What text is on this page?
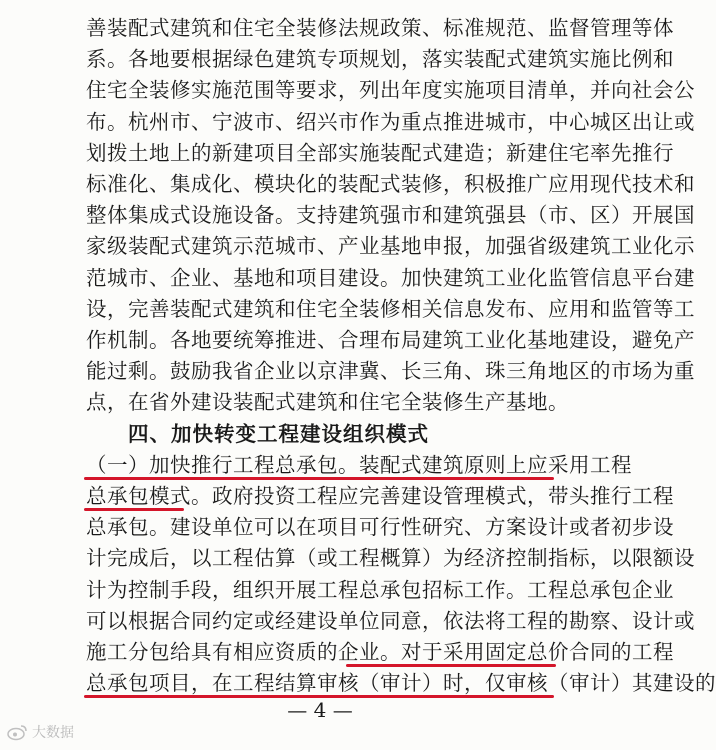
善装配式建筑和住宅全装修法规政策、标准规范、监督管理等体
系。各地要根据绿色建筑专项规划，落实装配式建筑实施比例和
住宅全装修实施范围等要求，列出年度实施项目清单，并向社会公
布。杭州市、宁波市、绍兴市作为重点推进城市，中心城区出让或
划拨土地上的新建项目全部实施装配式建造；新建住宅率先推行
标准化、集成化、模块化的装配式装修，积极推广应用现代技术和
整体集成式设施设备。支持建筑强市和建筑强县（市、区）开展国
家级装配式建筑示范城市、产业基地申报，加强省级建筑工业化示
范城市、企业、基地和项目建设。加快建筑工业化监管信息平台建
设，完善装配式建筑和住宅全装修相关信息发布、应用和监管等工
作机制。各地要统筹推进、合理布局建筑工业化基地建设，避免产
能过剩。鼓励我省企业以京津冀、长三角、珠三角地区的市场为重
点，在省外建设装配式建筑和住宅全装修生产基地。
四、加快转变工程建设组织模式
（一）加快推行工程总承包。装配式建筑原则上应采用工程
总承包模式。政府投资工程应完善建设管理模式，带头推行工程
总承包。建设单位可以在项目可行性研究、方案设计或者初步设
计完成后，以工程估算（或工程概算）为经济控制指标，以限额设
计为控制手段，组织开展工程总承包招标工作。工程总承包企业
可以根据合同约定或经建设单位同意，依法将工程的勘察、设计或
施工分包给具有相应资质的企业。对于采用固定总价合同的工程
总承包项目，在工程结算审核（审计）时，仅审核（审计）其建设的
— 4 —
大数据
